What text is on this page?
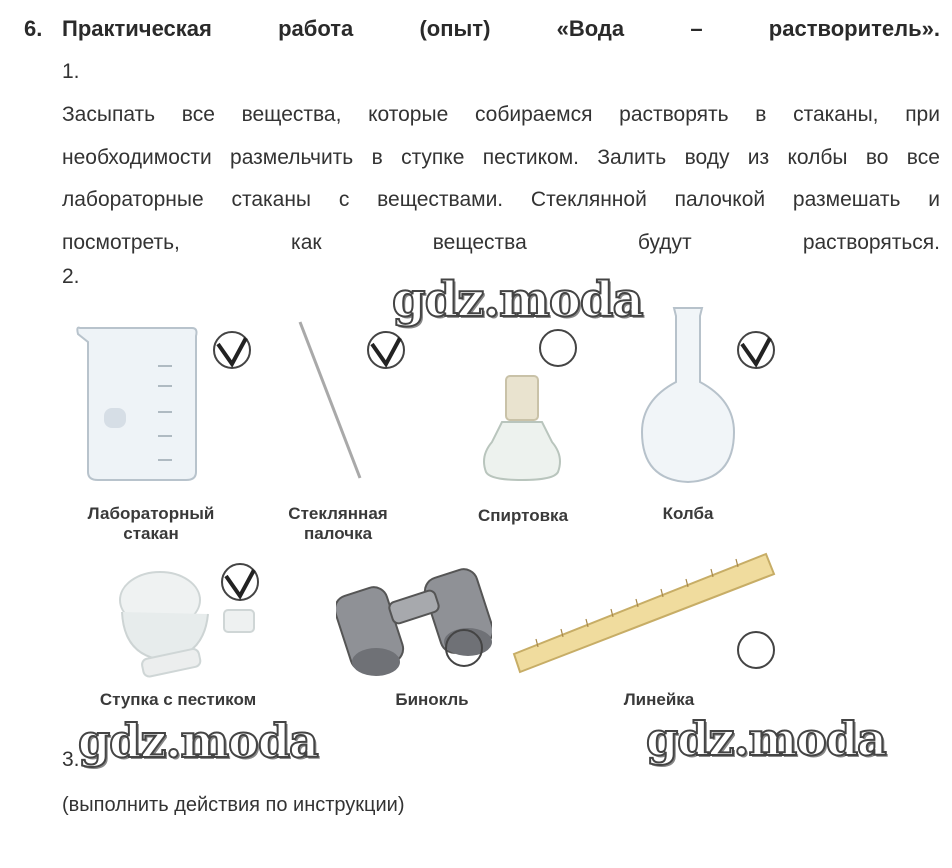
6. Практическая	работа	(опыт)	«Вода	–	растворитель».
1.
Засыпать все вещества, которые собираемся растворять в стаканы, при
необходимости размельчить в ступке пестиком. Залить воду из колбы во все
лабораторные стаканы с веществами. Стеклянной палочкой размешать и
посмотреть,	как	вещества	будут	растворяться.
2.	gdz.moda
Лабораторный
стакан
Стеклянная
палочка
Спиртовка	Колба
Ступка с пестиком	Бинокль	Линейка
3.
gdz.moda	gdz.moda
(выполнить действия по инструкции)
